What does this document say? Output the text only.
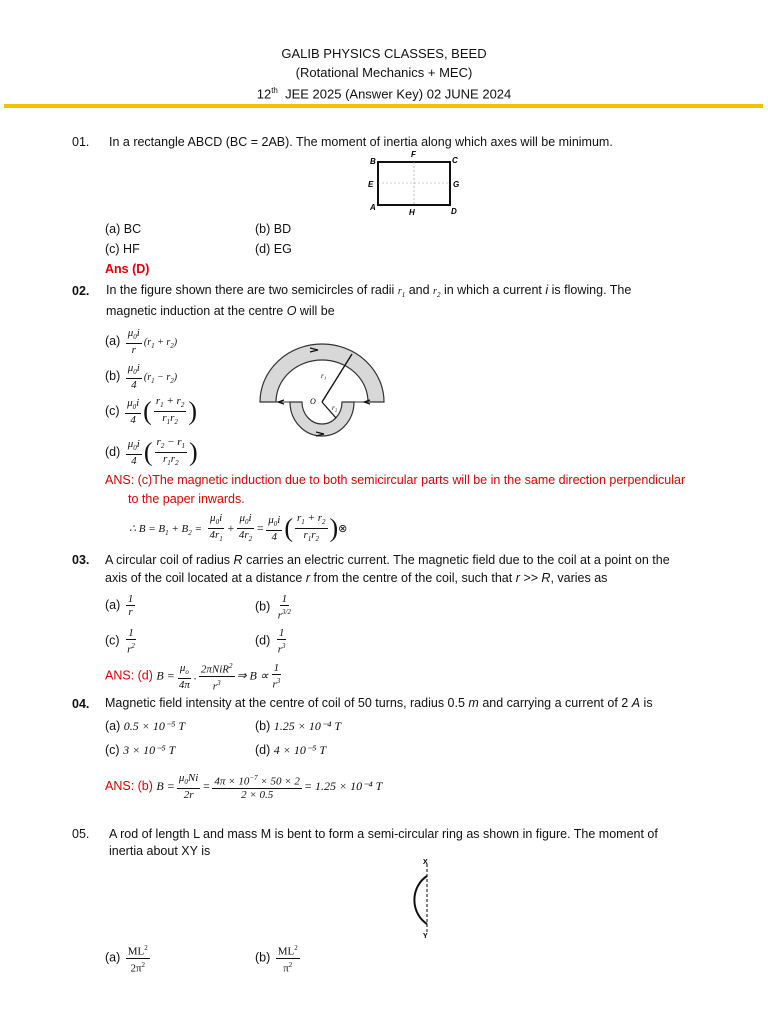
GALIB PHYSICS CLASSES, BEED
(Rotational Mechanics + MEC)
12th JEE 2025 (Answer Key) 02 JUNE 2024
01. In a rectangle ABCD (BC = 2AB). The moment of inertia along which axes will be minimum.
B	C
F
E	G
A
H	D
(a) BC	(b) BD
(c) HF	(d) EG
Ans (D)
02. In the figure shown there are two semicircles of radii $r_1$ and $r_2$ in which a current i is flowing. The
magnetic induction at the centre O will be
$(a) \frac{\mu_0i}{r} (r_1 + r_2)$
$(b) \frac{\mu_0i}{4} (r_1 - r_2)$
$(c) \frac{\mu_0i}{4}$ ( $\frac{r_1 + r_2}{r_1r_2}$ )
$(d) \frac{\mu_0i}{4}$ ( $\frac{r_2 - r_1}{r_1r_2}$ )
O
r₁
r₂
ANS: (c)The magnetic induction due to both semicircular parts will be in the same direction perpendicular
to the paper inwards.
∴ $B = B_1 + B_2 = \frac{\mu_0i}{4r_1} + \frac{\mu_0i}{4r_2} = \frac{\mu_0i}{4}$ ( $\frac{r_1 + r_2}{r_1r_2}$ )⊗
03. A circular coil of radius R carries an electric current. The magnetic field due to the coil at a point on the
axis of the coil located at a distance r from the centre of the coil, such that r >> R, varies as
$(a) \frac{1}{r}$	$(b) \frac{1}{r^{3/2}}$
$(c) \frac{1}{r^2}$	$(d) \frac{1}{r^3}$
ANS: (d) $B = \frac{\mu_o}{4\pi}$ . $\frac{2\pi NiR^2}{r^3}$ ⇒ $B \propto \frac{1}{r^3}$
04. Magnetic field intensity at the centre of coil of 50 turns, radius 0.5 m and carrying a current of 2 A is
(a) 0.5 × 10⁻⁵ T	(b) 1.25 × 10⁻⁴ T
(c) 3 × 10⁻⁵ T	(d) 4 × 10⁻⁵ T
ANS: (b) $B = \frac{\mu_0Ni}{2r} = \frac{4\pi \times 10^{-7} \times 50 \times 2}{2 \times 0.5} = 1.25 \times 10^{-4}$ T
05. A rod of length L and mass M is bent to form a semi-circular ring as shown in figure. The moment of
inertia about XY is
X
Y
$(a) \frac{ML^2}{2\pi^2}$	$(b) \frac{ML^2}{\pi^2}$
